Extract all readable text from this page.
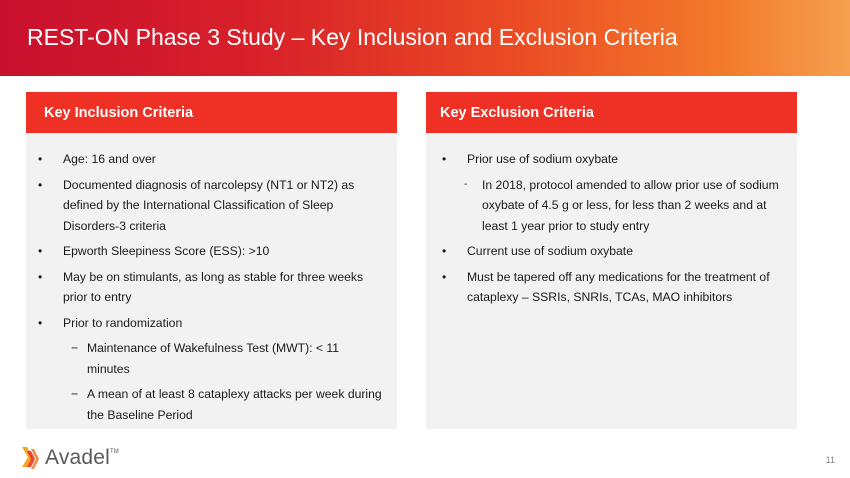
REST-ON Phase 3 Study – Key Inclusion and Exclusion Criteria
Key Inclusion Criteria
• Age: 16 and over
• Documented diagnosis of narcolepsy (NT1 or NT2) as defined by the International Classification of Sleep Disorders-3 criteria
• Epworth Sleepiness Score (ESS): >10
• May be on stimulants, as long as stable for three weeks prior to entry
• Prior to randomization
− Maintenance of Wakefulness Test (MWT): < 11 minutes
− A mean of at least 8 cataplexy attacks per week during the Baseline Period
Key Exclusion Criteria
• Prior use of sodium oxybate
- In 2018, protocol amended to allow prior use of sodium oxybate of 4.5 g or less, for less than 2 weeks and at least 1 year prior to study entry
• Current use of sodium oxybate
• Must be tapered off any medications for the treatment of cataplexy – SSRIs, SNRIs, TCAs, MAO inhibitors
Avadel TM
11
